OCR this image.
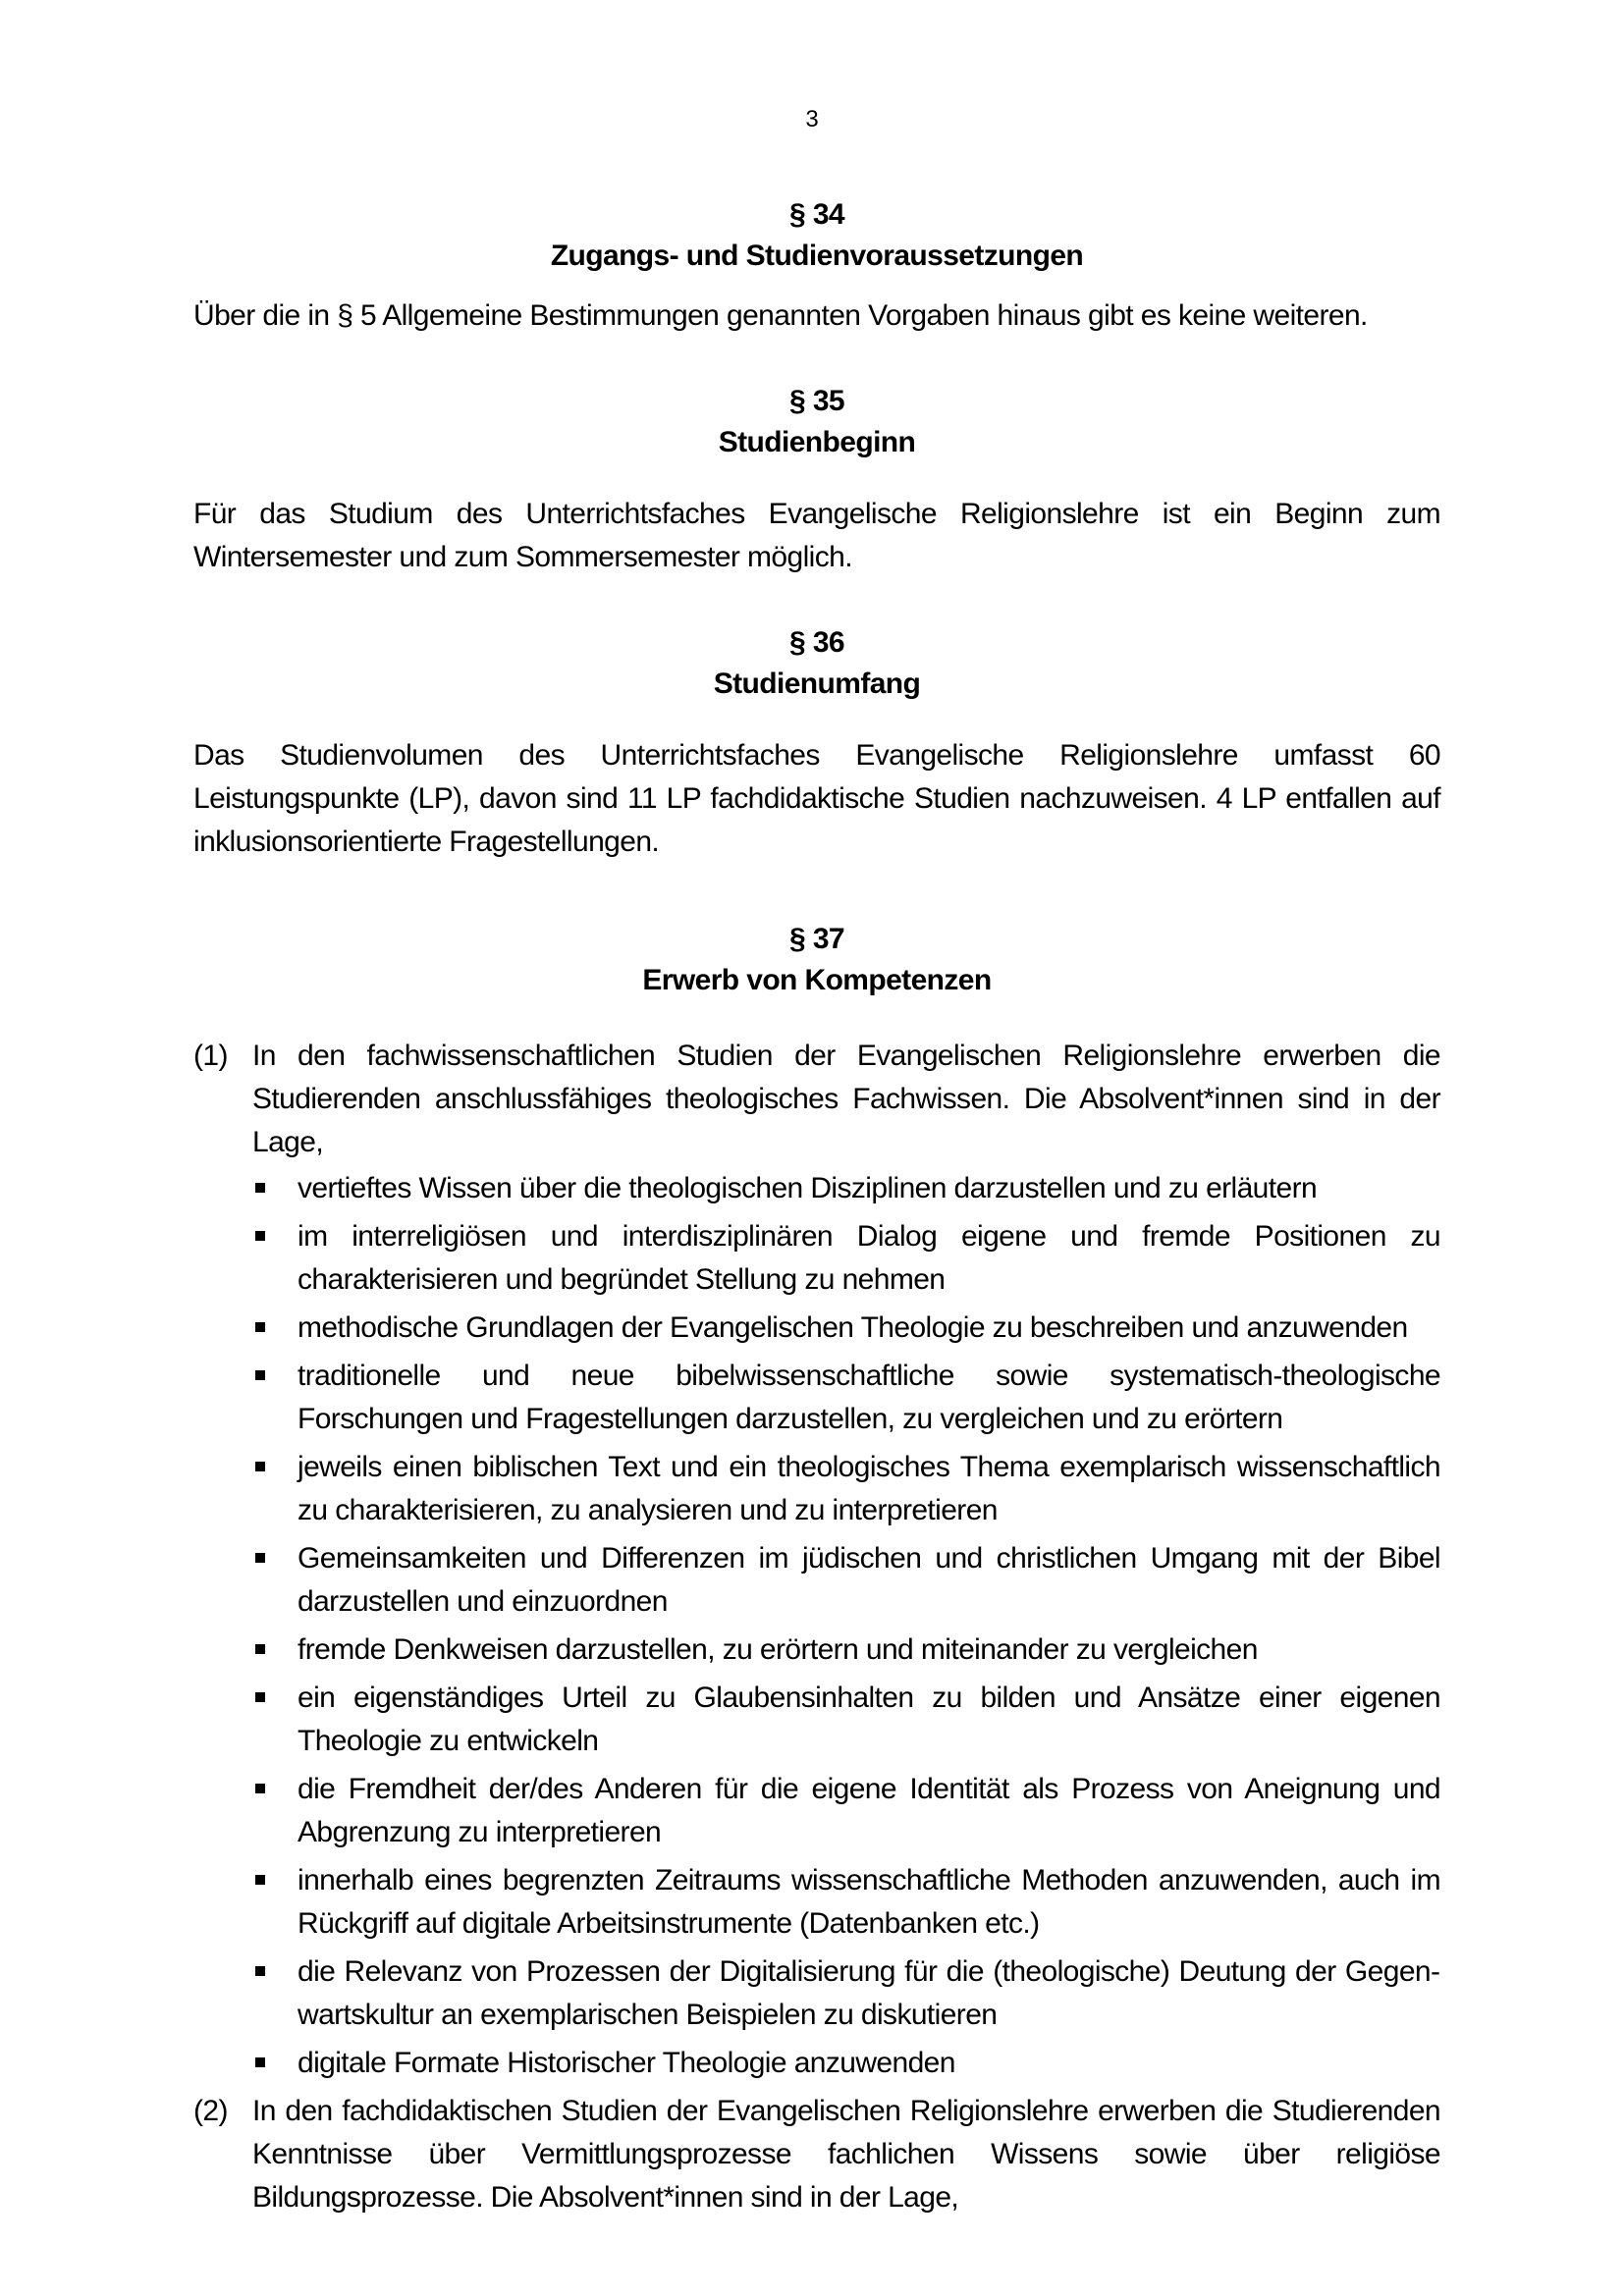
3

§ 34

Zugangs- und Studienvoraussetzungen

Über die in § 5 Allgemeine Bestimmungen genannten Vorgaben hinaus gibt es keine weiteren.

§ 35

Studienbeginn

Für das Studium des Unterrichtsfaches Evangelische Religionslehre ist ein Beginn zum Wintersemester und zum Sommersemester möglich.

§ 36

Studienumfang

Das Studienvolumen des Unterrichtsfaches Evangelische Religionslehre umfasst 60 Leistungspunkte (LP), davon sind 11 LP fachdidaktische Studien nachzuweisen. 4 LP entfallen auf inklusionsorientierte Fragestellungen.

§ 37

Erwerb von Kompetenzen

(1) In den fachwissenschaftlichen Studien der Evangelischen Religionslehre erwerben die Studierenden anschlussfähiges theologisches Fachwissen. Die Absolvent*innen sind in der Lage,
vertieftes Wissen über die theologischen Disziplinen darzustellen und zu erläutern
im interreligiösen und interdisziplinären Dialog eigene und fremde Positionen zu charakterisieren und begründet Stellung zu nehmen
methodische Grundlagen der Evangelischen Theologie zu beschreiben und anzuwenden
traditionelle und neue bibelwissenschaftliche sowie systematisch-theologische Forschungen und Fragestellungen darzustellen, zu vergleichen und zu erörtern
jeweils einen biblischen Text und ein theologisches Thema exemplarisch wissenschaftlich zu charakterisieren, zu analysieren und zu interpretieren
Gemeinsamkeiten und Differenzen im jüdischen und christlichen Umgang mit der Bibel darzustellen und einzuordnen
fremde Denkweisen darzustellen, zu erörtern und miteinander zu vergleichen
ein eigenständiges Urteil zu Glaubensinhalten zu bilden und Ansätze einer eigenen Theologie zu entwickeln
die Fremdheit der/des Anderen für die eigene Identität als Prozess von Aneignung und Abgrenzung zu interpretieren
innerhalb eines begrenzten Zeitraums wissenschaftliche Methoden anzuwenden, auch im Rückgriff auf digitale Arbeitsinstrumente (Datenbanken etc.)
die Relevanz von Prozessen der Digitalisierung für die (theologische) Deutung der Gegenwartskultur an exemplarischen Beispielen zu diskutieren
digitale Formate Historischer Theologie anzuwenden
(2) In den fachdidaktischen Studien der Evangelischen Religionslehre erwerben die Studierenden Kenntnisse über Vermittlungsprozesse fachlichen Wissens sowie über religiöse Bildungsprozesse. Die Absolvent*innen sind in der Lage,
